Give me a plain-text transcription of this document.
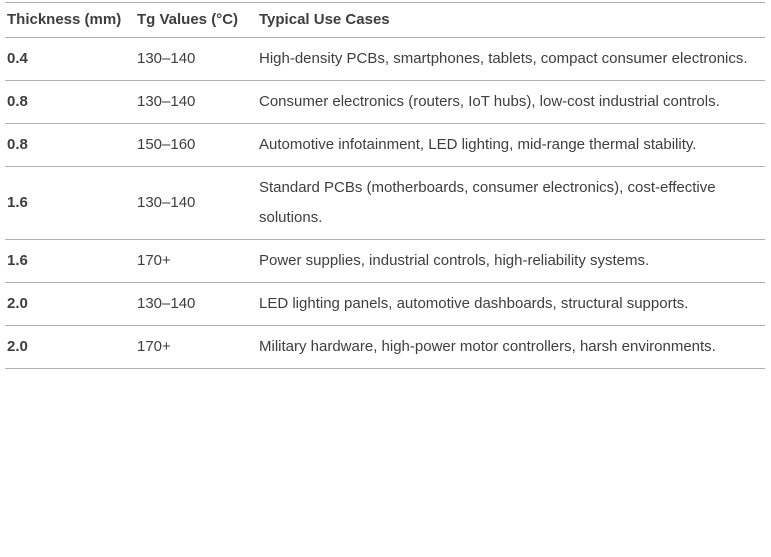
Thickness (mm)	Tg Values (°C)	Typical Use Cases
0.4	130–140	High-density PCBs, smartphones, tablets, compact consumer electronics.
0.8	130–140	Consumer electronics (routers, IoT hubs), low-cost industrial controls.
0.8	150–160	Automotive infotainment, LED lighting, mid-range thermal stability.
1.6	130–140	Standard PCBs (motherboards, consumer electronics), cost-effective solutions.
1.6	170+	Power supplies, industrial controls, high-reliability systems.
2.0	130–140	LED lighting panels, automotive dashboards, structural supports.
2.0	170+	Military hardware, high-power motor controllers, harsh environments.
